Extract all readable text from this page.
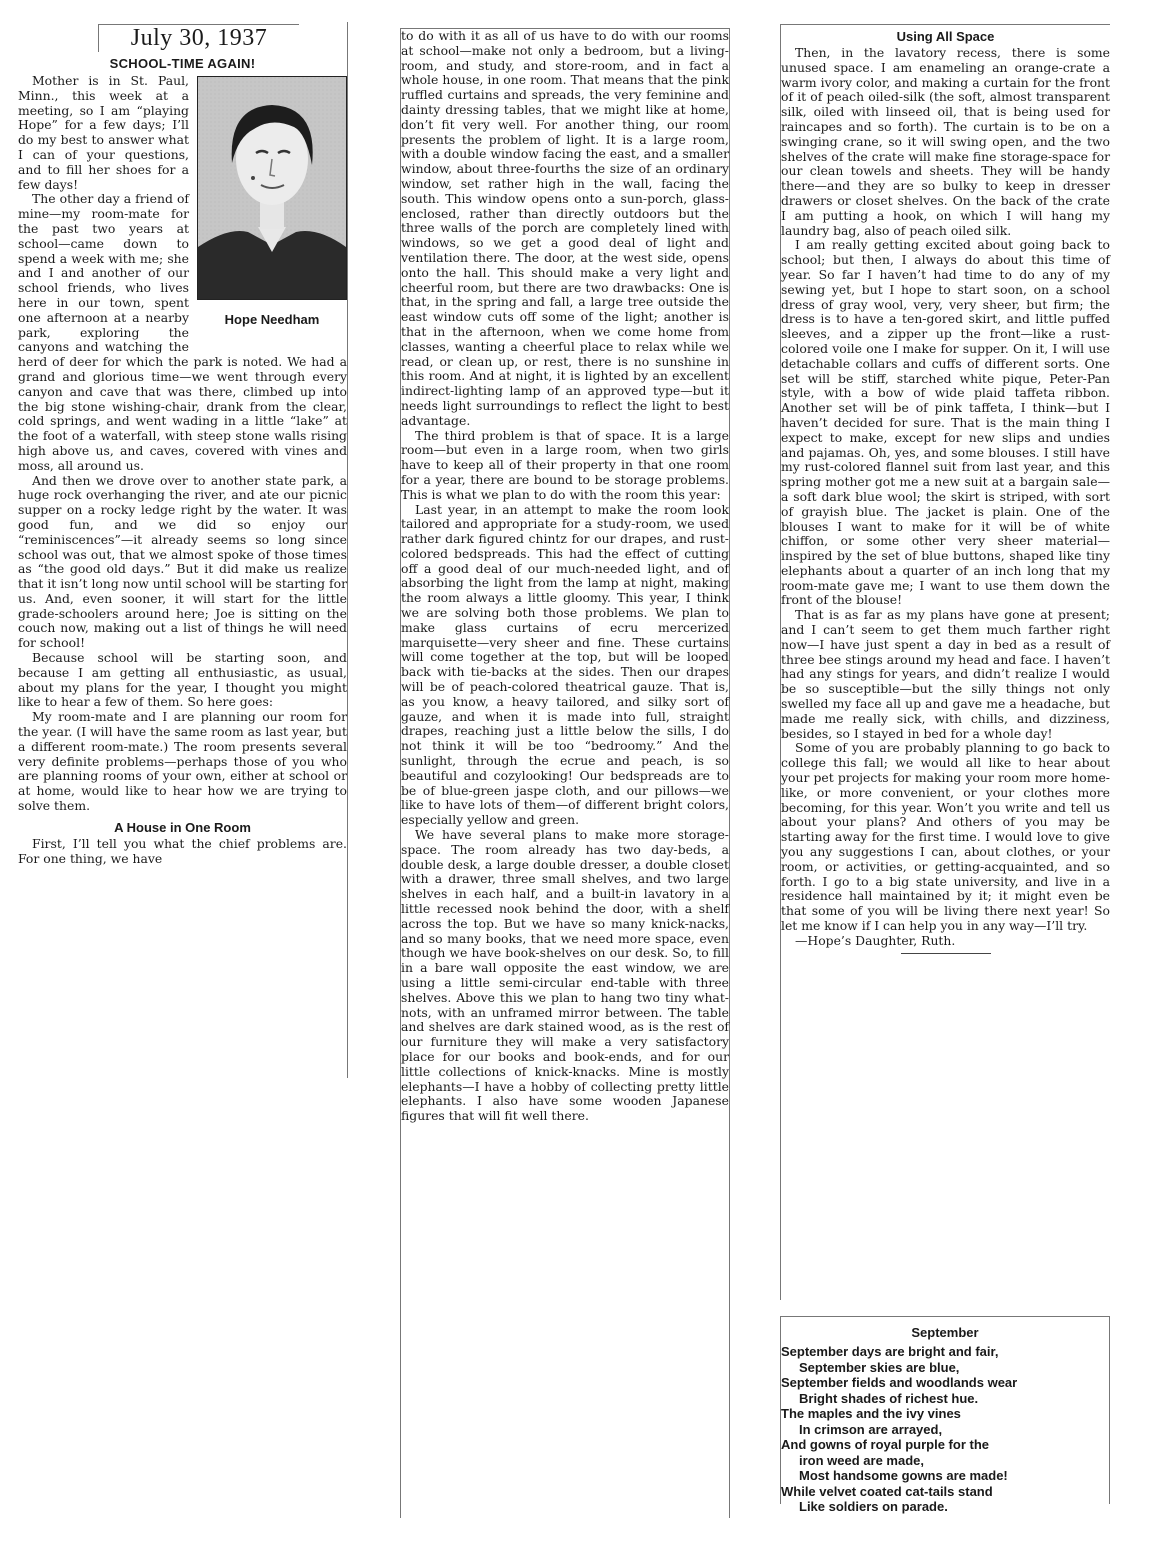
July 30, 1937
SCHOOL-TIME AGAIN!
Hope Needham

Mother is in St. Paul, Minn., this week at a meeting, so I am “playing Hope” for a few days; I’ll do my best to answer what I can of your questions, and to fill her shoes for a few days!

The other day a friend of mine—my room-mate for the past two years at school—came down to spend a week with me; she and I and another of our school friends, who lives here in our town, spent one afternoon at a nearby park, exploring the canyons and watching the herd of deer for which the park is noted. We had a grand and glorious time—we went through every canyon and cave that was there, climbed up into the big stone wishing-chair, drank from the clear, cold springs, and went wading in a little “lake” at the foot of a waterfall, with steep stone walls rising high above us, and caves, covered with vines and moss, all around us.

And then we drove over to another state park, a huge rock overhanging the river, and ate our picnic supper on a rocky ledge right by the water. It was good fun, and we did so enjoy our “reminiscences”—it already seems so long since school was out, that we almost spoke of those times as “the good old days.” But it did make us realize that it isn’t long now until school will be starting for us. And, even sooner, it will start for the little grade-schoolers around here; Joe is sitting on the couch now, making out a list of things he will need for school!

Because school will be starting soon, and because I am getting all enthusiastic, as usual, about my plans for the year, I thought you might like to hear a few of them. So here goes:

My room-mate and I are planning our room for the year. (I will have the same room as last year, but a different room-mate.) The room presents several very definite problems—perhaps those of you who are planning rooms of your own, either at school or at home, would like to hear how we are trying to solve them.

A House in One Room

First, I’ll tell you what the chief problems are. For one thing, we have

to do with it as all of us have to do with our rooms at school—make not only a bedroom, but a living-room, and study, and store-room, and in fact a whole house, in one room. That means that the pink ruffled curtains and spreads, the very feminine and dainty dressing tables, that we might like at home, don’t fit very well. For another thing, our room presents the problem of light. It is a large room, with a double window facing the east, and a smaller window, about three-fourths the size of an ordinary window, set rather high in the wall, facing the south. This window opens onto a sun-porch, glass-enclosed, rather than directly outdoors but the three walls of the porch are completely lined with windows, so we get a good deal of light and ventilation there. The door, at the west side, opens onto the hall. This should make a very light and cheerful room, but there are two drawbacks: One is that, in the spring and fall, a large tree outside the east window cuts off some of the light; another is that in the afternoon, when we come home from classes, wanting a cheerful place to relax while we read, or clean up, or rest, there is no sunshine in this room. And at night, it is lighted by an excellent indirect-lighting lamp of an approved type—but it needs light surroundings to reflect the light to best advantage.

The third problem is that of space. It is a large room—but even in a large room, when two girls have to keep all of their property in that one room for a year, there are bound to be storage problems. This is what we plan to do with the room this year:

Last year, in an attempt to make the room look tailored and appropriate for a study-room, we used rather dark figured chintz for our drapes, and rust-colored bedspreads. This had the effect of cutting off a good deal of our much-needed light, and of absorbing the light from the lamp at night, making the room always a little gloomy. This year, I think we are solving both those problems. We plan to make glass curtains of ecru mercerized marquisette—very sheer and fine. These curtains will come together at the top, but will be looped back with tie-backs at the sides. Then our drapes will be of peach-colored theatrical gauze. That is, as you know, a heavy tailored, and silky sort of gauze, and when it is made into full, straight drapes, reaching just a little below the sills, I do not think it will be too “bedroomy.” And the sunlight, through the ecrue and peach, is so beautiful and cozylooking! Our bedspreads are to be of blue-green jaspe cloth, and our pillows—we like to have lots of them—of different bright colors, especially yellow and green.

We have several plans to make more storage-space. The room already has two day-beds, a double desk, a large double dresser, a double closet with a drawer, three small shelves, and two large shelves in each half, and a built-in lavatory in a little recessed nook behind the door, with a shelf across the top. But we have so many knick-nacks, and so many books, that we need more space, even though we have book-shelves on our desk. So, to fill in a bare wall opposite the east window, we are using a little semi-circular end-table with three shelves. Above this we plan to hang two tiny what-nots, with an unframed mirror between. The table and shelves are dark stained wood, as is the rest of our furniture they will make a very satisfactory place for our books and book-ends, and for our little collections of knick-knacks. Mine is mostly elephants—I have a hobby of collecting pretty little elephants. I also have some wooden Japanese figures that will fit well there.

Using All Space

Then, in the lavatory recess, there is some unused space. I am enameling an orange-crate a warm ivory color, and making a curtain for the front of it of peach oiled-silk (the soft, almost transparent silk, oiled with linseed oil, that is being used for raincapes and so forth). The curtain is to be on a swinging crane, so it will swing open, and the two shelves of the crate will make fine storage-space for our clean towels and sheets. They will be handy there—and they are so bulky to keep in dresser drawers or closet shelves. On the back of the crate I am putting a hook, on which I will hang my laundry bag, also of peach oiled silk.

I am really getting excited about going back to school; but then, I always do about this time of year. So far I haven’t had time to do any of my sewing yet, but I hope to start soon, on a school dress of gray wool, very, very sheer, but firm; the dress is to have a ten-gored skirt, and little puffed sleeves, and a zipper up the front—like a rust-colored voile one I make for supper. On it, I will use detachable collars and cuffs of different sorts. One set will be stiff, starched white pique, Peter-Pan style, with a bow of wide plaid taffeta ribbon. Another set will be of pink taffeta, I think—but I haven’t decided for sure. That is the main thing I expect to make, except for new slips and undies and pajamas. Oh, yes, and some blouses. I still have my rust-colored flannel suit from last year, and this spring mother got me a new suit at a bargain sale—a soft dark blue wool; the skirt is striped, with sort of grayish blue. The jacket is plain. One of the blouses I want to make for it will be of white chiffon, or some other very sheer material—inspired by the set of blue buttons, shaped like tiny elephants about a quarter of an inch long that my room-mate gave me; I want to use them down the front of the blouse!

That is as far as my plans have gone at present; and I can’t seem to get them much farther right now—I have just spent a day in bed as a result of three bee stings around my head and face. I haven’t had any stings for years, and didn’t realize I would be so susceptible—but the silly things not only swelled my face all up and gave me a headache, but made me really sick, with chills, and dizziness, besides, so I stayed in bed for a whole day!

Some of you are probably planning to go back to college this fall; we would all like to hear about your pet projects for making your room more home-like, or more convenient, or your clothes more becoming, for this year. Won’t you write and tell us about your plans? And others of you may be starting away for the first time. I would love to give you any suggestions I can, about clothes, or your room, or activities, or getting-acquainted, and so forth. I go to a big state university, and live in a residence hall maintained by it; it might even be that some of you will be living there next year! So let me know if I can help you in any way—I’ll try.

—Hope’s Daughter, Ruth.

September
September days are bright and fair,
September skies are blue,
September fields and woodlands wear
Bright shades of richest hue.
The maples and the ivy vines
In crimson are arrayed,
And gowns of royal purple for the
iron weed are made,
Most handsome gowns are made!
While velvet coated cat-tails stand
Like soldiers on parade.
